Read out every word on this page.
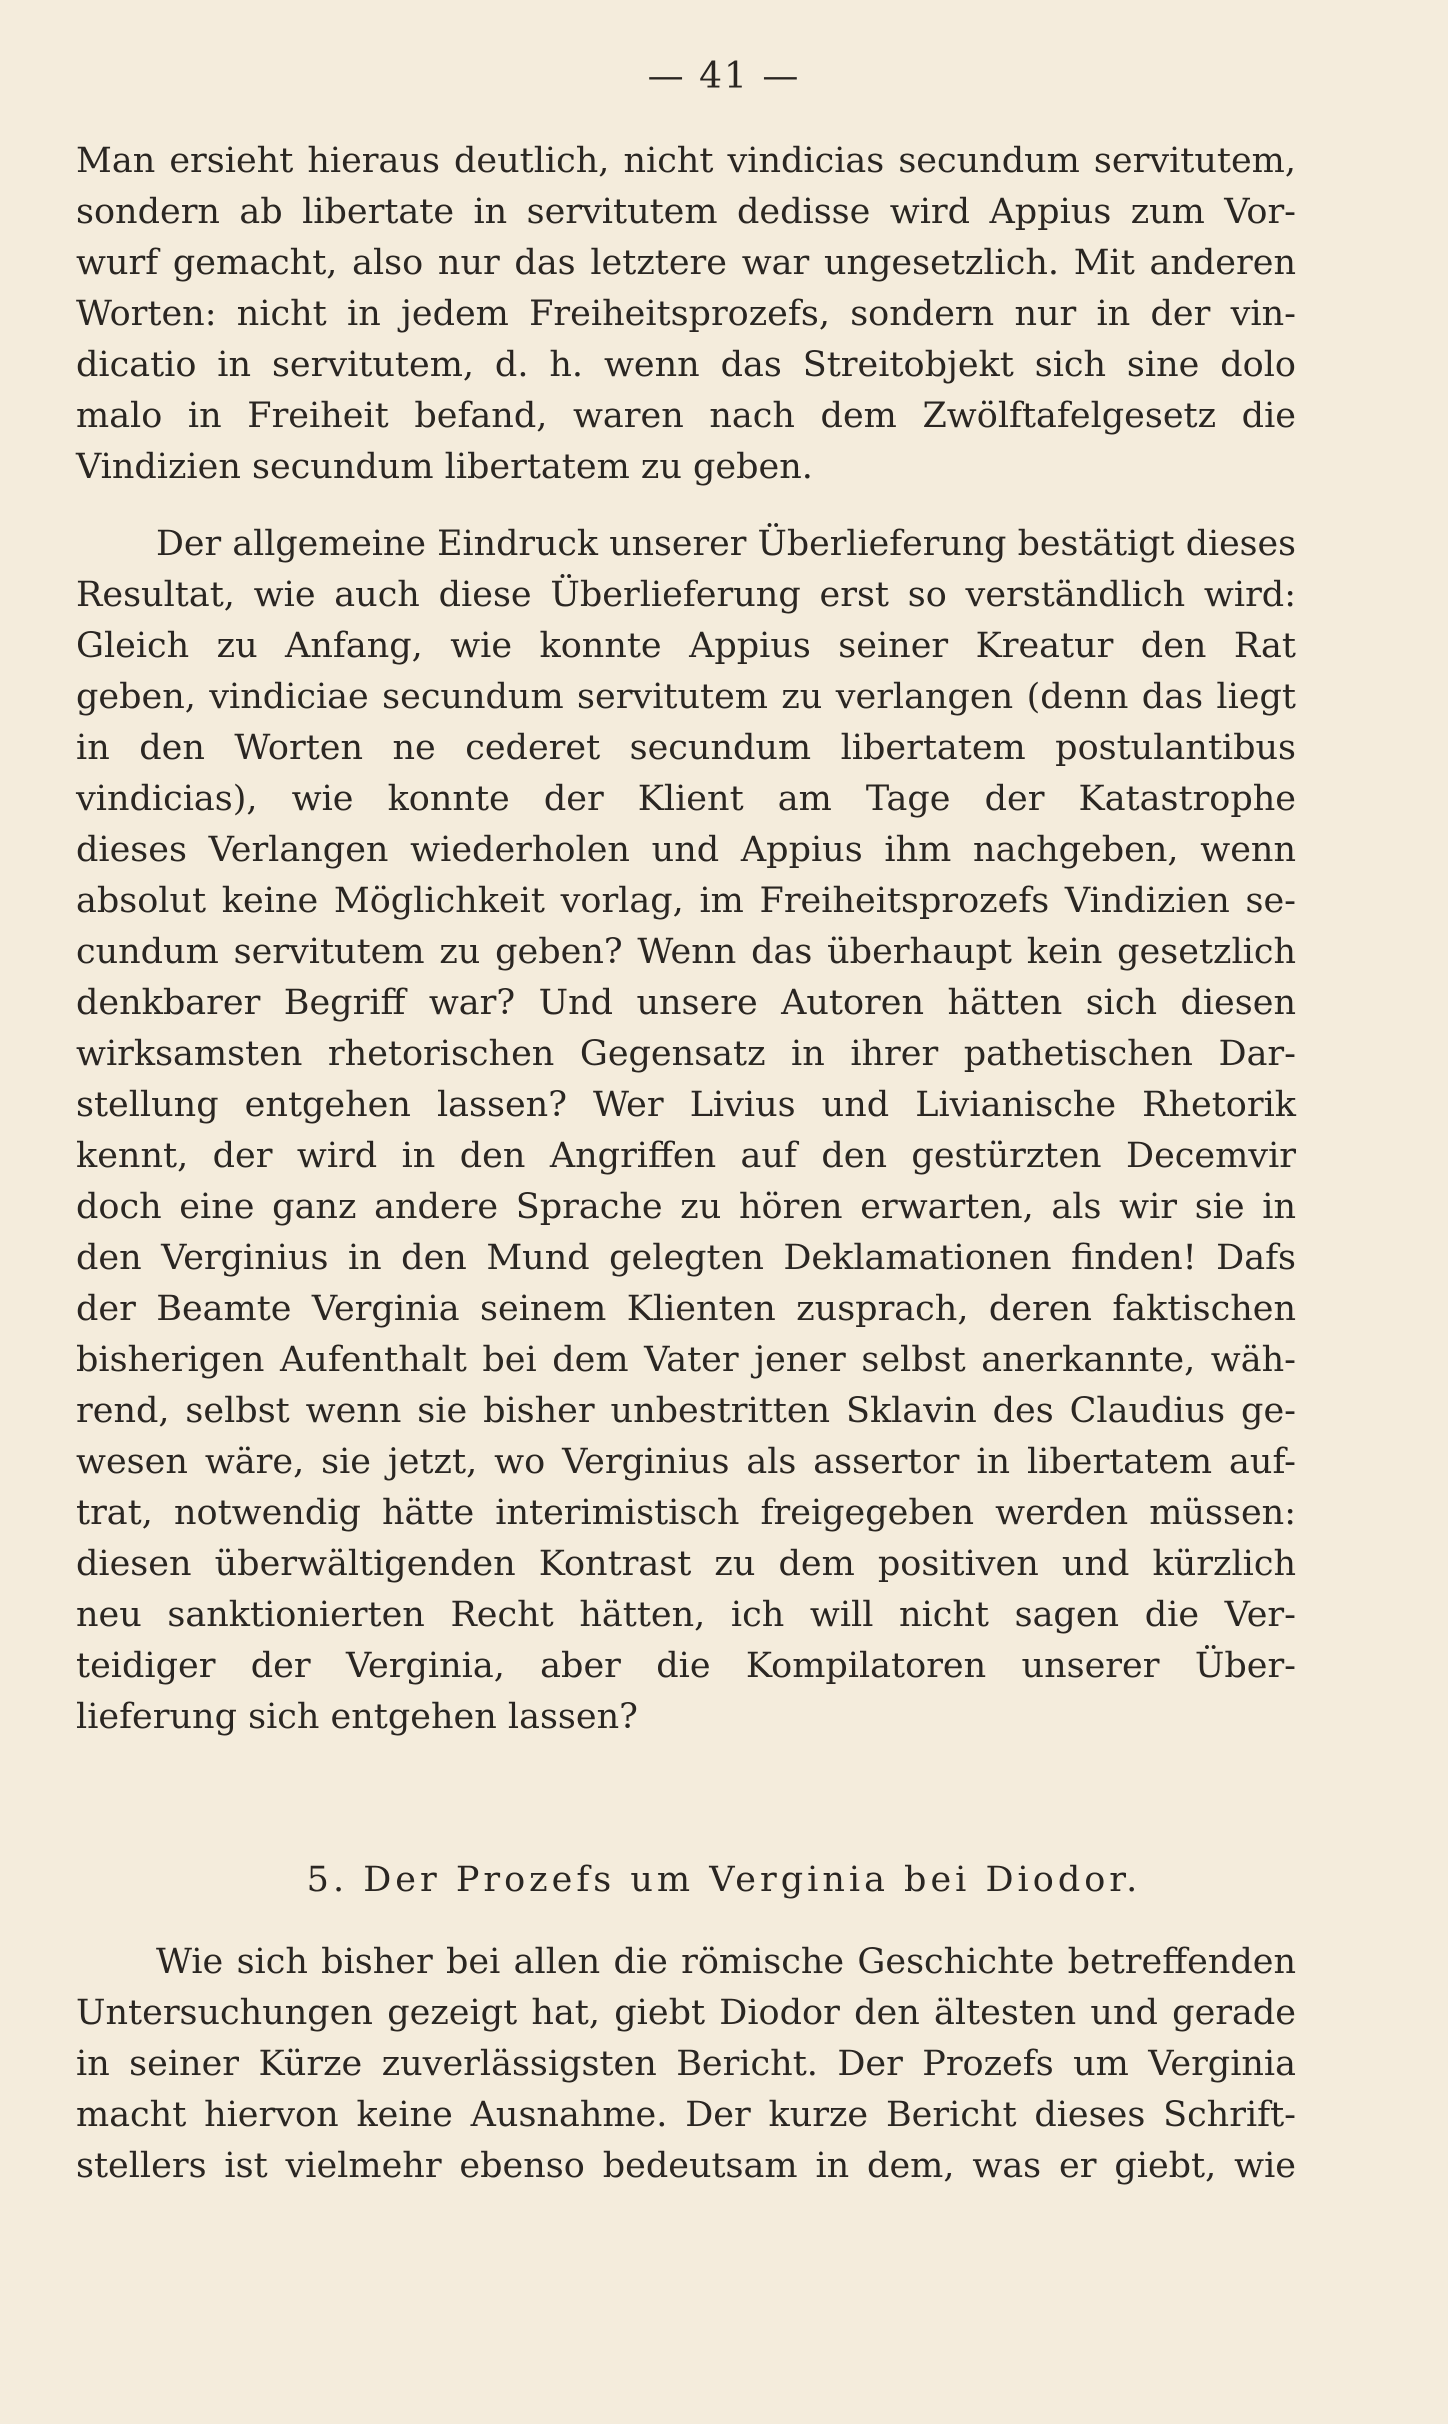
— 41 —
Man ersieht hieraus deutlich, nicht vindicias secundum servitutem,
sondern ab libertate in servitutem dedisse wird Appius zum Vor-
wurf gemacht, also nur das letztere war ungesetzlich. Mit anderen
Worten: nicht in jedem Freiheitsprozefs, sondern nur in der vin-
dicatio in servitutem, d. h. wenn das Streitobjekt sich sine dolo
malo in Freiheit befand, waren nach dem Zwölftafelgesetz die
Vindizien secundum libertatem zu geben.
Der allgemeine Eindruck unserer Überlieferung bestätigt dieses
Resultat, wie auch diese Überlieferung erst so verständlich wird:
Gleich zu Anfang, wie konnte Appius seiner Kreatur den Rat
geben, vindiciae secundum servitutem zu verlangen (denn das liegt
in den Worten ne cederet secundum libertatem postulantibus
vindicias), wie konnte der Klient am Tage der Katastrophe
dieses Verlangen wiederholen und Appius ihm nachgeben, wenn
absolut keine Möglichkeit vorlag, im Freiheitsprozefs Vindizien se-
cundum servitutem zu geben? Wenn das überhaupt kein gesetzlich
denkbarer Begriff war? Und unsere Autoren hätten sich diesen
wirksamsten rhetorischen Gegensatz in ihrer pathetischen Dar-
stellung entgehen lassen? Wer Livius und Livianische Rhetorik
kennt, der wird in den Angriffen auf den gestürzten Decemvir
doch eine ganz andere Sprache zu hören erwarten, als wir sie in
den Verginius in den Mund gelegten Deklamationen finden! Dafs
der Beamte Verginia seinem Klienten zusprach, deren faktischen
bisherigen Aufenthalt bei dem Vater jener selbst anerkannte, wäh-
rend, selbst wenn sie bisher unbestritten Sklavin des Claudius ge-
wesen wäre, sie jetzt, wo Verginius als assertor in libertatem auf-
trat, notwendig hätte interimistisch freigegeben werden müssen:
diesen überwältigenden Kontrast zu dem positiven und kürzlich
neu sanktionierten Recht hätten, ich will nicht sagen die Ver-
teidiger der Verginia, aber die Kompilatoren unserer Über-
lieferung sich entgehen lassen?
5. Der Prozefs um Verginia bei Diodor.
Wie sich bisher bei allen die römische Geschichte betreffenden
Untersuchungen gezeigt hat, giebt Diodor den ältesten und gerade
in seiner Kürze zuverlässigsten Bericht. Der Prozefs um Verginia
macht hiervon keine Ausnahme. Der kurze Bericht dieses Schrift-
stellers ist vielmehr ebenso bedeutsam in dem, was er giebt, wie
